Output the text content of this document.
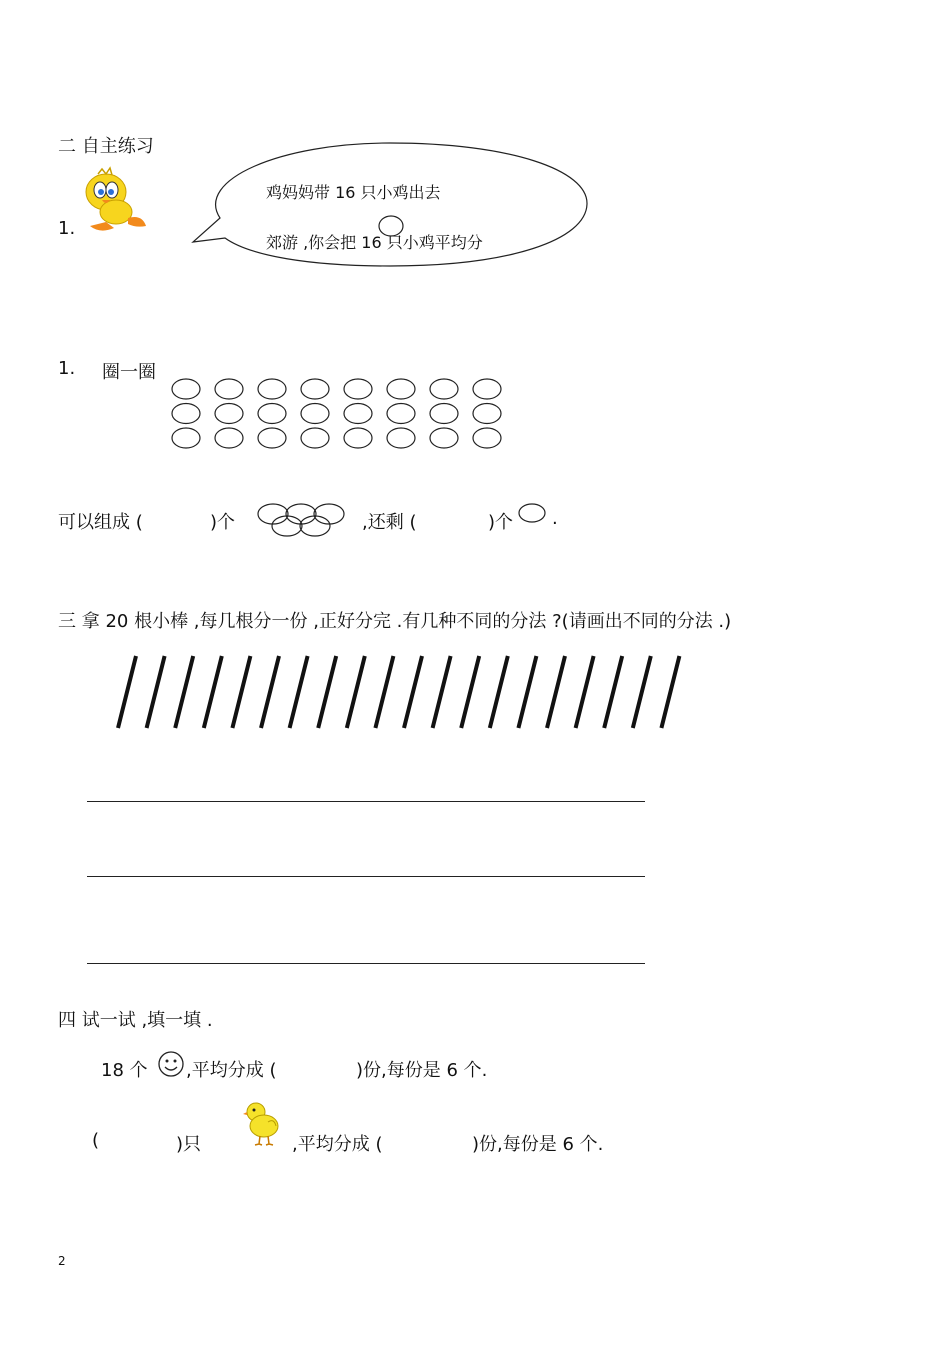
二 自主练习
1.
鸡妈妈带 16 只小鸡出去
郊游 ,你会把 16 只小鸡平均分
1. 圈一圈
可以组成 (	)个	,还剩 (	)个 .
三 拿 20 根小棒 ,每几根分一份 ,正好分完 .有几种不同的分法 ?(请画出不同的分法 .)
四 试一试 ,填一填 .
18 个 ,平均分成 (	)份,每份是 6 个.
(	)只	,平均分成 (	)份,每份是 6 个.
2
